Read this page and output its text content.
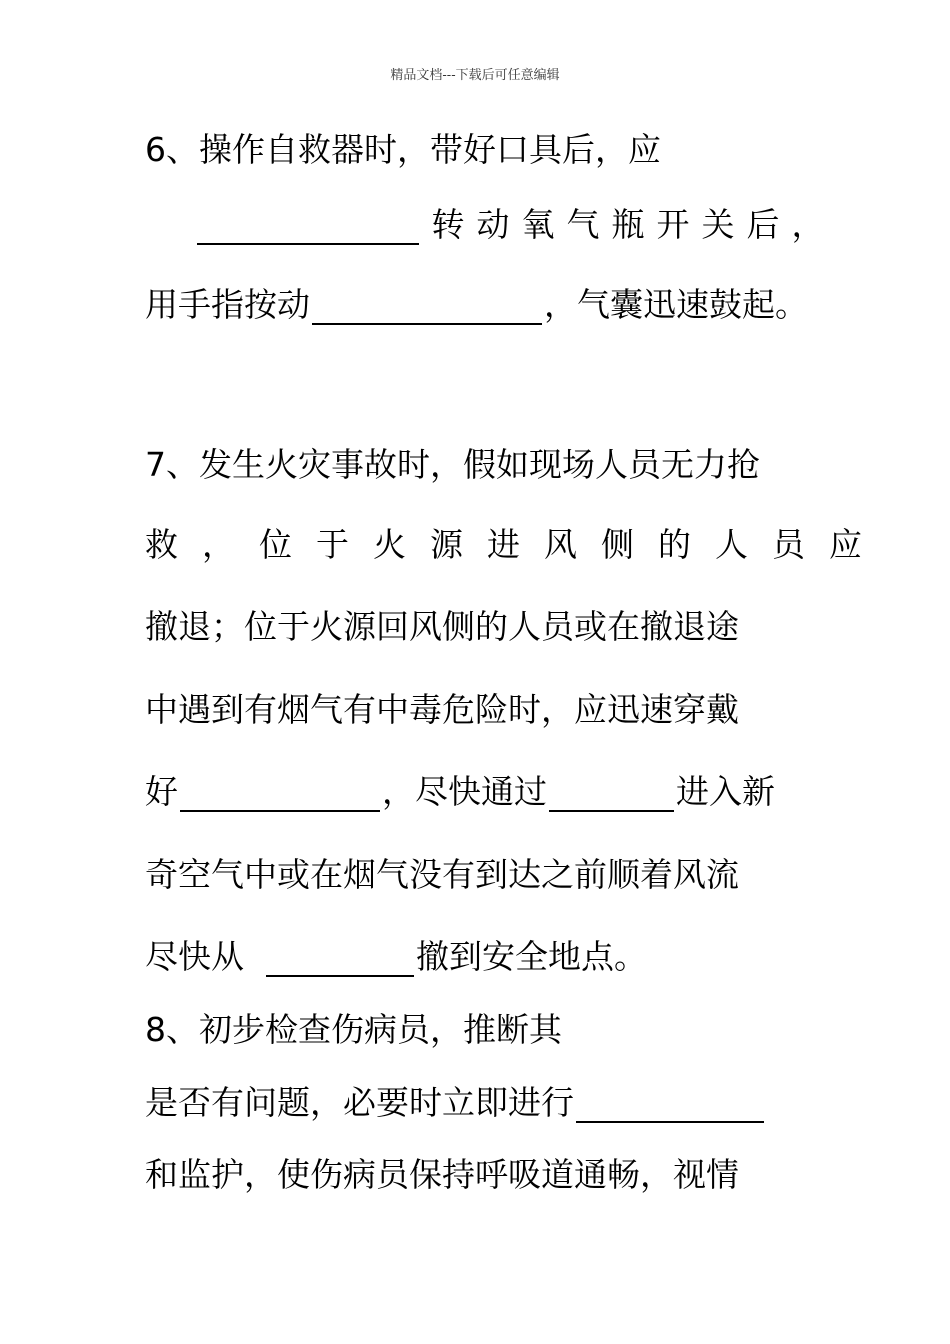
精品文档---下载后可任意编辑
6、操作自救器时，带好口具后，应
转动氧气瓶开关后，
用手指按动	，气囊迅速鼓起。
7、发生火灾事故时，假如现场人员无力抢
救，位于火源进风侧的人员应
撤退；位于火源回风侧的人员或在撤退途
中遇到有烟气有中毒危险时，应迅速穿戴
好	，尽快通过	进入新
奇空气中或在烟气没有到达之前顺着风流
尽快从	撤到安全地点。
8、初步检查伤病员，推断其
是否有问题，必要时立即进行
和监护，使伤病员保持呼吸道通畅，视情
